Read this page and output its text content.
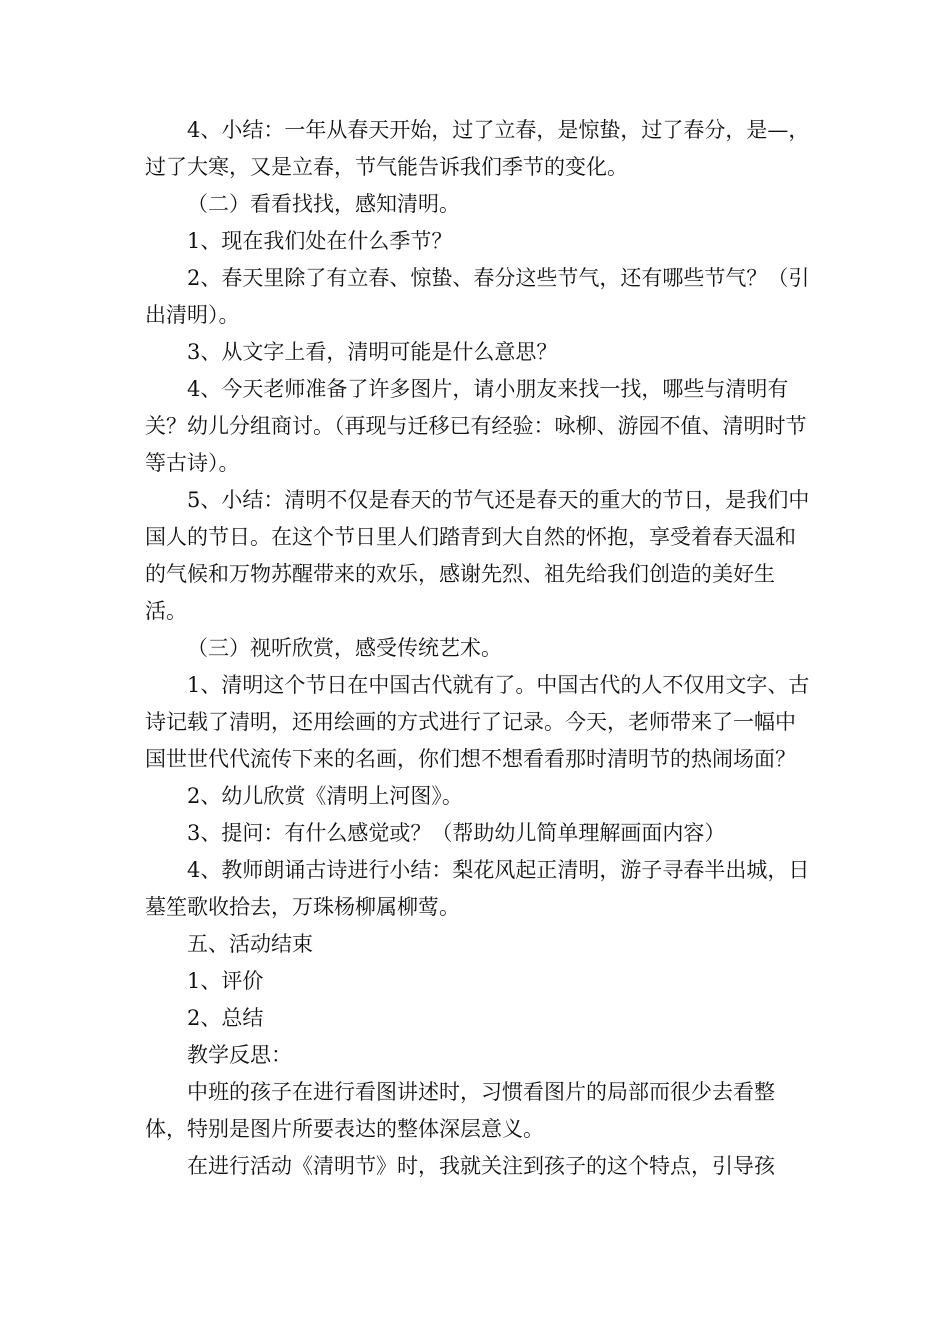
4、小结：一年从春天开始，过了立春，是惊蛰，过了春分，是—，过了大寒，又是立春，节气能告诉我们季节的变化。

（二）看看找找，感知清明。

1、现在我们处在什么季节？

2、春天里除了有立春、惊蛰、春分这些节气，还有哪些节气？（引出清明）。

3、从文字上看，清明可能是什么意思？

4、今天老师准备了许多图片，请小朋友来找一找，哪些与清明有关？幼儿分组商讨。（再现与迁移已有经验：咏柳、游园不值、清明时节等古诗）。

5、小结：清明不仅是春天的节气还是春天的重大的节日，是我们中国人的节日。在这个节日里人们踏青到大自然的怀抱，享受着春天温和的气候和万物苏醒带来的欢乐，感谢先烈、祖先给我们创造的美好生活。

（三）视听欣赏，感受传统艺术。

1、清明这个节日在中国古代就有了。中国古代的人不仅用文字、古诗记载了清明，还用绘画的方式进行了记录。今天，老师带来了一幅中国世世代代流传下来的名画，你们想不想看看那时清明节的热闹场面？

2、幼儿欣赏《清明上河图》。

3、提问：有什么感觉或？（帮助幼儿简单理解画面内容）

4、教师朗诵古诗进行小结：梨花风起正清明，游子寻春半出城，日墓笙歌收拾去，万珠杨柳属柳莺。

五、活动结束

1、评价

2、总结

教学反思：

中班的孩子在进行看图讲述时，习惯看图片的局部而很少去看整体，特别是图片所要表达的整体深层意义。

在进行活动《清明节》时，我就关注到孩子的这个特点，引导孩
